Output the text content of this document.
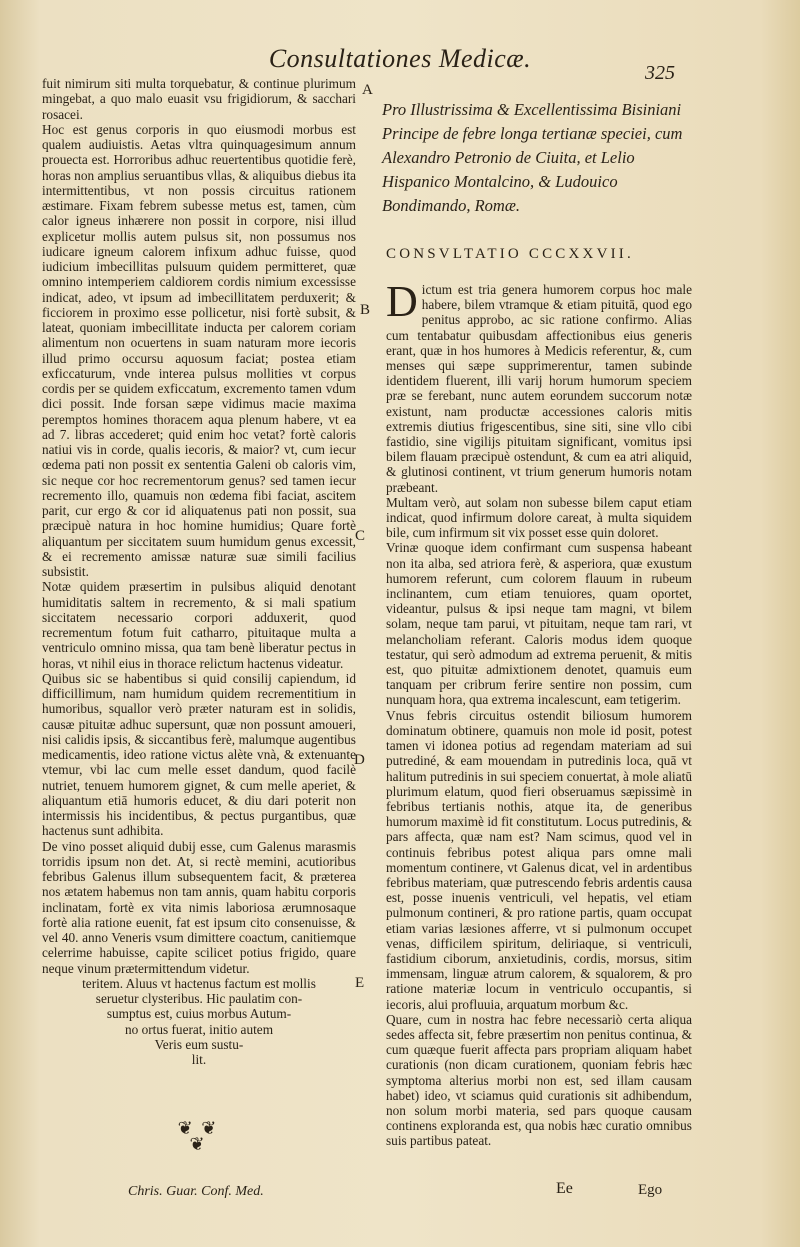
Consultationes Medicæ.	325
A
B
C
D
E

fuit nimirum siti multa torquebatur, & continue plurimum mingebat, a quo malo euasit vsu frigidiorum, & sacchari rosacei.

Hoc est genus corporis in quo eiusmodi morbus est qualem audiuistis. Aetas vltra quinquagesimum annum prouecta est. Horroribus adhuc reuertentibus quotidie ferè, horas non amplius seruantibus vllas, & aliquibus diebus ita intermittentibus, vt non possis circuitus rationem æstimare. Fixam febrem subesse metus est, tamen, cùm calor igneus inhærere non possit in corpore, nisi illud explicetur mollis autem pulsus sit, non possumus nos iudicare igneum calorem infixum adhuc fuisse, quod iudicium imbecillitas pulsuum quidem permitteret, quæ omnino intemperiem caldiorem cordis nimium excessisse indicat, adeo, vt ipsum ad imbecillitatem perduxerit; & ficciorem in proximo esse pollicetur, nisi fortè subsit, & lateat, quoniam imbecillitate inducta per calorem coriam alimentum non ocuertens in suam naturam more iecoris illud primo occursu aquosum faciat; postea etiam exficcaturum, vnde interea pulsus mollities vt corpus cordis per se quidem exficcatum, excremento tamen vdum dici possit. Inde forsan sæpe vidimus macie maxima peremptos homines thoracem aqua plenum habere, vt ea ad 7. libras accederet; quid enim hoc vetat? fortè caloris natiui vis in corde, qualis iecoris, & maior? vt, cum iecur œdema pati non possit ex sententia Galeni ob caloris vim, sic neque cor hoc recrementorum genus? sed tamen iecur recremento illo, quamuis non œdema fibi faciat, ascitem parit, cur ergo & cor id aliquatenus pati non possit, sua præcipuè natura in hoc homine humidius; Quare fortè aliquantum per siccitatem suum humidum genus excessit, & ei recremento amissæ naturæ suæ simili facilius subsistit.

Notæ quidem præsertim in pulsibus aliquid denotant humiditatis saltem in recremento, & si mali spatium siccitatem necessario corpori adduxerit, quod recrementum fotum fuit catharro, pituitaque multa a ventriculo omnino missa, qua tam benè liberatur pectus in horas, vt nihil eius in thorace relictum hactenus videatur.

Quibus sic se habentibus si quid consilij capiendum, id difficillimum, nam humidum quidem recrementitium in humoribus, squallor verò præter naturam est in solidis, causæ pituitæ adhuc supersunt, quæ non possunt amoueri, nisi calidis ipsis, & siccantibus ferè, malumque augentibus medicamentis, ideo ratione victus alète vnà, & extenuante vtemur, vbi lac cum melle esset dandum, quod facilè nutriet, tenuem humorem gignet, & cum melle aperiet, & aliquantum etiā humoris educet, & diu dari poterit non intermissis his incidentibus, & pectus purgantibus, quæ hactenus sunt adhibita.

De vino posset aliquid dubij esse, cum Galenus marasmis torridis ipsum non det. At, si rectè memini, acutioribus febribus Galenus illum subsequentem facit, & præterea nos ætatem habemus non tam annis, quam habitu corporis inclinatam, fortè ex vita nimis laboriosa ærumnosaque fortè alia ratione euenit, fat est ipsum cito consenuisse, & vel 40. anno Veneris vsum dimittere coactum, canitiemque celerrime habuisse, capite scilicet potius frigido, quare neque vinum prætermittendum videtur.

teritem. Aluus vt hactenus factum est mollis
seruetur clysteribus. Hic paulatim con-
sumptus est, cuius morbus Autum-
no ortus fuerat, initio autem
Veris eum sustu-
lit.
Pro Illustrissima & Excellentissima Bisiniani Principe de febre longa tertianæ speciei, cum Alexandro Petronio de Ciuita, et Lelio Hispanico Montalcino, & Ludouico Bondimando, Romæ.
CONSVLTATIO CCCXXVII.
D ictum est tria genera humorem corpus hoc male habere, bilem vtramque & etiam pituitā, quod ego penitus approbo, ac sic ratione confirmo. Alias cum tentabatur quibusdam affectionibus eius generis erant, quæ in hos humores à Medicis referentur, &, cum menses qui sæpe supprimerentur, tamen subinde identidem fluerent, illi varij horum humorum speciem præ se ferebant, nunc autem eorundem succorum notæ existunt, nam productæ accessiones caloris mitis extremis diutius frigescentibus, sine siti, sine vllo cibi fastidio, sine vigilijs pituitam significant, vomitus ipsi bilem flauam præcipuè ostendunt, & cum ea atri aliquid, & glutinosi continent, vt trium generum humoris notam præbeant.

Multam verò, aut solam non subesse bilem caput etiam indicat, quod infirmum dolore careat, à multa siquidem bile, cum infirmum sit vix posset esse quin doloret.

Vrinæ quoque idem confirmant cum suspensa habeant non ita alba, sed atriora ferè, & asperiora, quæ exustum humorem referunt, cum colorem flauum in rubeum inclinantem, cum etiam tenuiores, quam oportet, videantur, pulsus & ipsi neque tam magni, vt bilem solam, neque tam parui, vt pituitam, neque tam rari, vt melancholiam referant. Caloris modus idem quoque testatur, qui serò admodum ad extrema peruenit, & mitis est, quo pituitæ admixtionem denotet, quamuis eum tanquam per cribrum ferire sentire non possim, cum nunquam hora, qua extrema incalescunt, eam tetigerim.

Vnus febris circuitus ostendit biliosum humorem dominatum obtinere, quamuis non mole id posit, potest tamen vi idonea potius ad regendam materiam ad sui putrediné, & eam mouendam in putredinis loca, quā vt halitum putredinis in sui speciem conuertat, à mole aliatū plurimum elatum, quod fieri obseruamus sæpissimè in febribus tertianis nothis, atque ita, de generibus humorum maximè id fit constitutum. Locus putredinis, & pars affecta, quæ nam est? Nam scimus, quod vel in continuis febribus potest aliqua pars omne mali momentum continere, vt Galenus dicat, vel in ardentibus febribus materiam, quæ putrescendo febris ardentis causa est, posse inuenis ventriculi, vel hepatis, vel etiam pulmonum contineri, & pro ratione partis, quam occupat etiam varias læsiones afferre, vt si pulmonum occupet venas, difficilem spiritum, deliriaque, si ventriculi, fastidium ciborum, anxietudinis, cordis, morsus, sitim immensam, linguæ atrum calorem, & squalorem, & pro ratione materiæ locum in ventriculo occupantis, si iecoris, alui profluuia, arquatum morbum &c.

Quare, cum in nostra hac febre necessariò certa aliqua sedes affecta sit, febre præsertim non penitus continua, & cum quæque fuerit affecta pars propriam aliquam habet curationis (non dicam curationem, quoniam febris hæc symptoma alterius morbi non est, sed illam causam habet) ideo, vt sciamus quid curationis sit adhibendum, non solum morbi materia, sed pars quoque causam continens exploranda est, qua nobis hæc curatio omnibus suis partibus pateat.

❦ ❦ ❦
Chris. Guar. Conf. Med.	Ee	Ego
